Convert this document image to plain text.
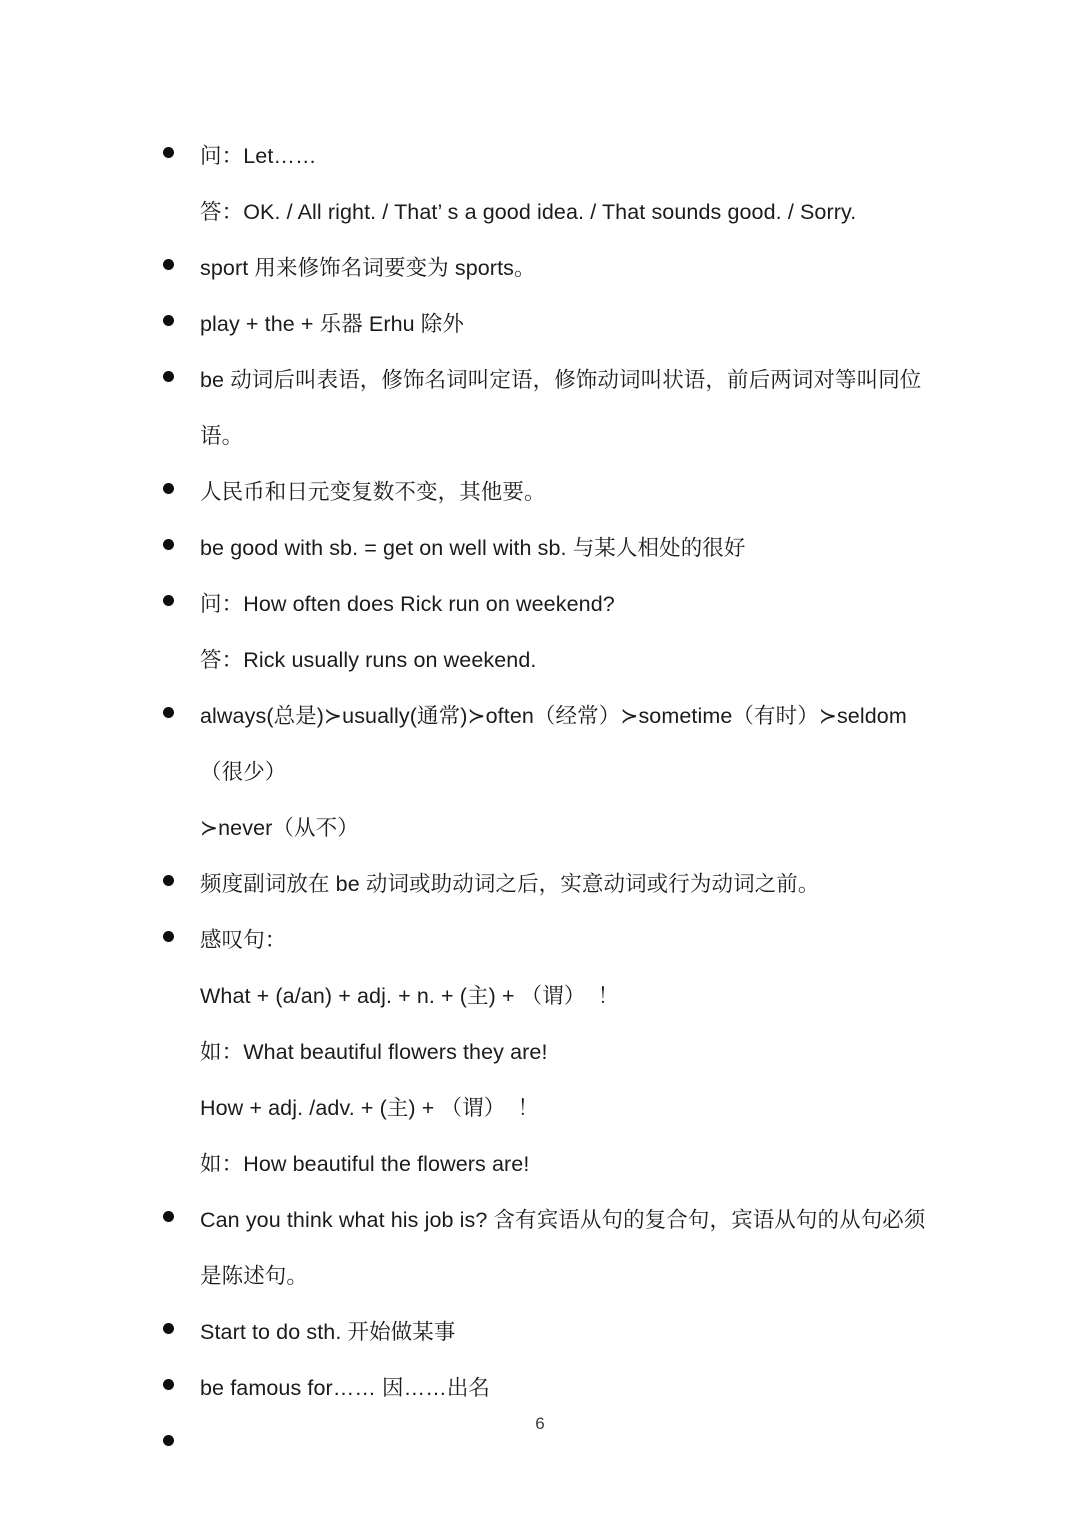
问：Let……
答：OK. / All right. / That’ s a good idea. / That sounds good. / Sorry.
sport 用来修饰名词要变为 sports。
play + the + 乐器 Erhu 除外
be 动词后叫表语，修饰名词叫定语，修饰动词叫状语，前后两词对等叫同位语。
人民币和日元变复数不变，其他要。
be good with sb. = get on well with sb. 与某人相处的很好
问：How often does Rick run on weekend?
答：Rick usually runs on weekend.
always(总是)≻usually(通常)≻often（经常）≻sometime（有时）≻seldom（很少）
≻never（从不）
频度副词放在 be 动词或助动词之后，实意动词或行为动词之前。
感叹句：
What + (a/an) + adj. + n. + (主) + （谓）  ！
如：What beautiful flowers they are!
How + adj. /adv. + (主) + （谓）  ！
如：How beautiful the flowers are!
Can you think what his job is? 含有宾语从句的复合句，宾语从句的从句必须是陈述句。
Start to do sth. 开始做某事
be famous for…… 因……出名
6
